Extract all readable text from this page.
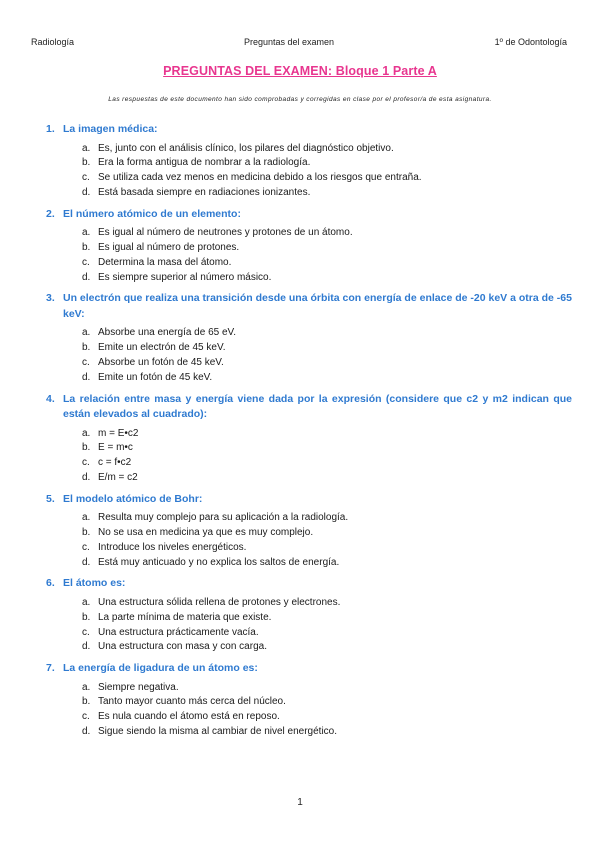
Radiología	Preguntas del examen	1º de Odontología
PREGUNTAS DEL EXAMEN: Bloque 1 Parte A
Las respuestas de este documento han sido comprobadas y corregidas en clase por el profesor/a de esta asignatura.
1. La imagen médica:
a. Es, junto con el análisis clínico, los pilares del diagnóstico objetivo.
b. Era la forma antigua de nombrar a la radiología.
c. Se utiliza cada vez menos en medicina debido a los riesgos que entraña.
d. Está basada siempre en radiaciones ionizantes.
2. El número atómico de un elemento:
a. Es igual al número de neutrones y protones de un átomo.
b. Es igual al número de protones.
c. Determina la masa del átomo.
d. Es siempre superior al número másico.
3. Un electrón que realiza una transición desde una órbita con energía de enlace de -20 keV a otra de -65 keV:
a. Absorbe una energía de 65 eV.
b. Emite un electrón de 45 keV.
c. Absorbe un fotón de 45 keV.
d. Emite un fotón de 45 keV.
4. La relación entre masa y energía viene dada por la expresión (considere que c2 y m2 indican que están elevados al cuadrado):
a. m = E•c2
b. E = m•c
c. c = f•c2
d. E/m = c2
5. El modelo atómico de Bohr:
a. Resulta muy complejo para su aplicación a la radiología.
b. No se usa en medicina ya que es muy complejo.
c. Introduce los niveles energéticos.
d. Está muy anticuado y no explica los saltos de energía.
6. El átomo es:
a. Una estructura sólida rellena de protones y electrones.
b. La parte mínima de materia que existe.
c. Una estructura prácticamente vacía.
d. Una estructura con masa y con carga.
7. La energía de ligadura de un átomo es:
a. Siempre negativa.
b. Tanto mayor cuanto más cerca del núcleo.
c. Es nula cuando el átomo está en reposo.
d. Sigue siendo la misma al cambiar de nivel energético.
1
